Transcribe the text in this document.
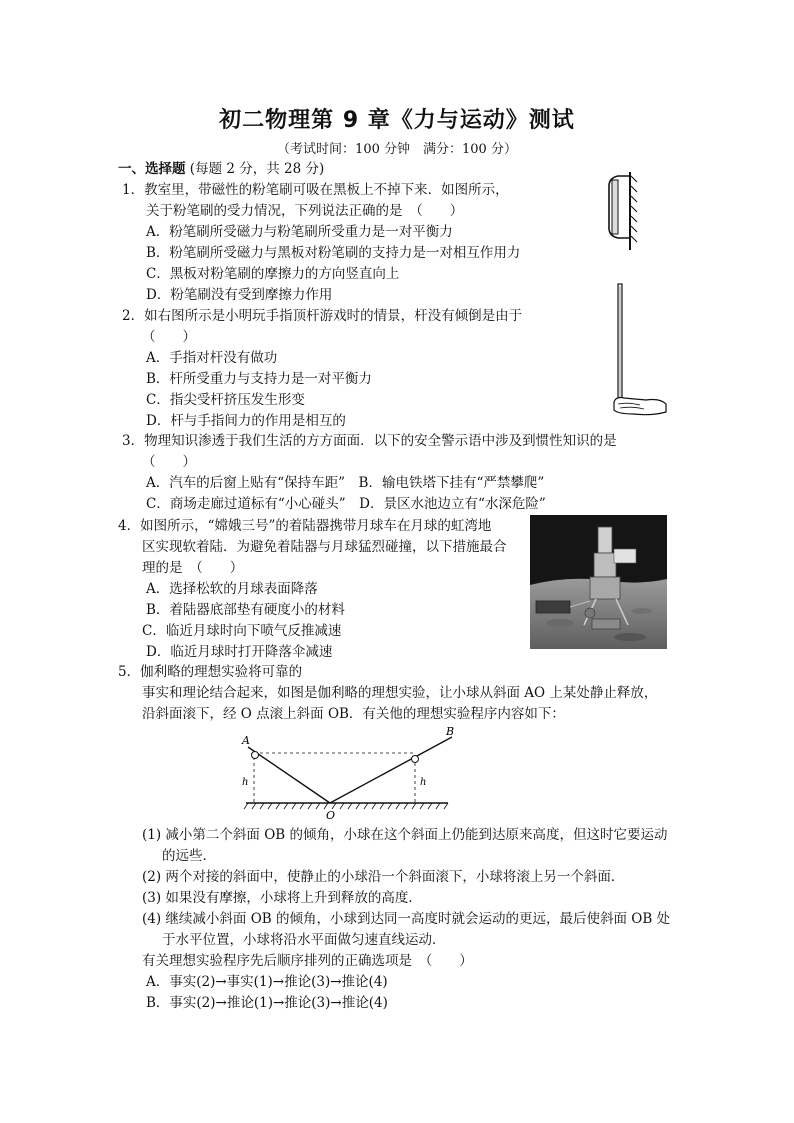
初二物理第 9 章《力与运动》测试
（考试时间：100 分钟　满分：100 分）
一、选择题 (每题 2 分，共 28 分)
1．教室里，带磁性的粉笔刷可吸在黑板上不掉下来．如图所示，
关于粉笔刷的受力情况，下列说法正确的是　（　　）
A．粉笔刷所受磁力与粉笔刷所受重力是一对平衡力
B．粉笔刷所受磁力与黑板对粉笔刷的支持力是一对相互作用力
C．黑板对粉笔刷的摩擦力的方向竖直向上
D．粉笔刷没有受到摩擦力作用
2．如右图所示是小明玩手指顶杆游戏时的情景，杆没有倾倒是由于
（　　）
A．手指对杆没有做功
B．杆所受重力与支持力是一对平衡力
C．指尖受杆挤压发生形变
D．杆与手指间力的作用是相互的
3．物理知识渗透于我们生活的方方面面．以下的安全警示语中涉及到惯性知识的是
（　　）
A．汽车的后窗上贴有“保持车距”　B．输电铁塔下挂有“严禁攀爬”
C．商场走廊过道标有“小心碰头”　D．景区水池边立有“水深危险”
4．如图所示，“嫦娥三号”的着陆器携带月球车在月球的虹湾地
区实现软着陆．为避免着陆器与月球猛烈碰撞，以下措施最合
理的是　（　　）
A．选择松软的月球表面降落
B．着陆器底部垫有硬度小的材料
C．临近月球时向下喷气反推减速
D．临近月球时打开降落伞减速
5．伽利略的理想实验将可靠的
事实和理论结合起来，如图是伽利略的理想实验，让小球从斜面 AO 上某处静止释放，
沿斜面滚下，经 O 点滚上斜面 OB．有关他的理想实验程序内容如下：
A
B
O
h	h
(1) 减小第二个斜面 OB 的倾角，小球在这个斜面上仍能到达原来高度，但这时它要运动
的远些．
(2) 两个对接的斜面中，使静止的小球沿一个斜面滚下，小球将滚上另一个斜面．
(3) 如果没有摩擦，小球将上升到释放的高度．
(4) 继续减小斜面 OB 的倾角，小球到达同一高度时就会运动的更远，最后使斜面 OB 处
于水平位置，小球将沿水平面做匀速直线运动．
有关理想实验程序先后顺序排列的正确选项是　（　　）
A．事实(2)→事实(1)→推论(3)→推论(4)
B．事实(2)→推论(1)→推论(3)→推论(4)
